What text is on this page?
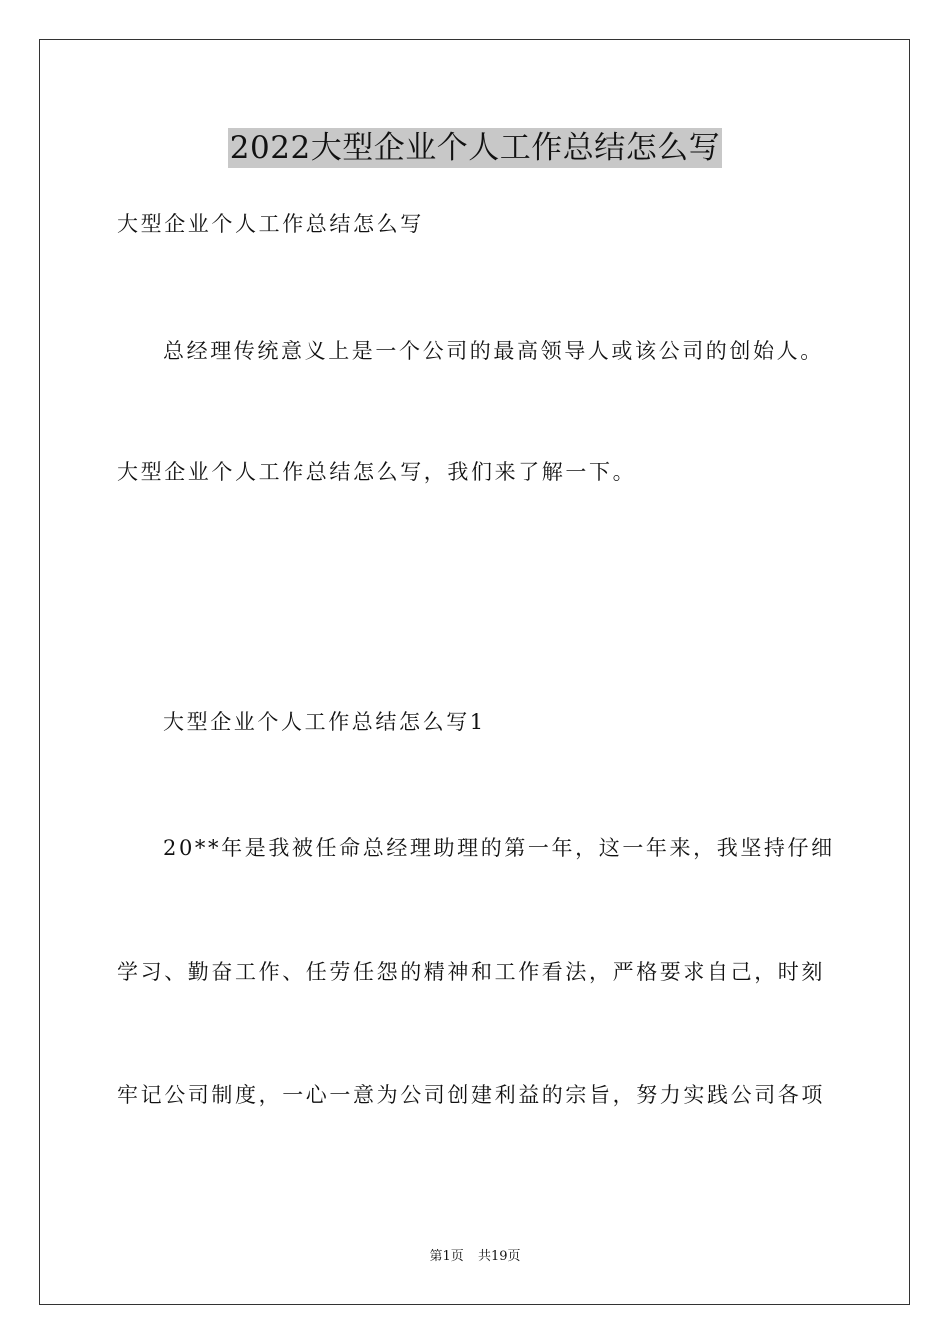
2022大型企业个人工作总结怎么写
大型企业个人工作总结怎么写
总经理传统意义上是一个公司的最高领导人或该公司的创始人。
大型企业个人工作总结怎么写，我们来了解一下。
大型企业个人工作总结怎么写1
20**年是我被任命总经理助理的第一年，这一年来，我坚持仔细
学习、勤奋工作、任劳任怨的精神和工作看法，严格要求自己，时刻
牢记公司制度，一心一意为公司创建利益的宗旨，努力实践公司各项
第1页 共19页
